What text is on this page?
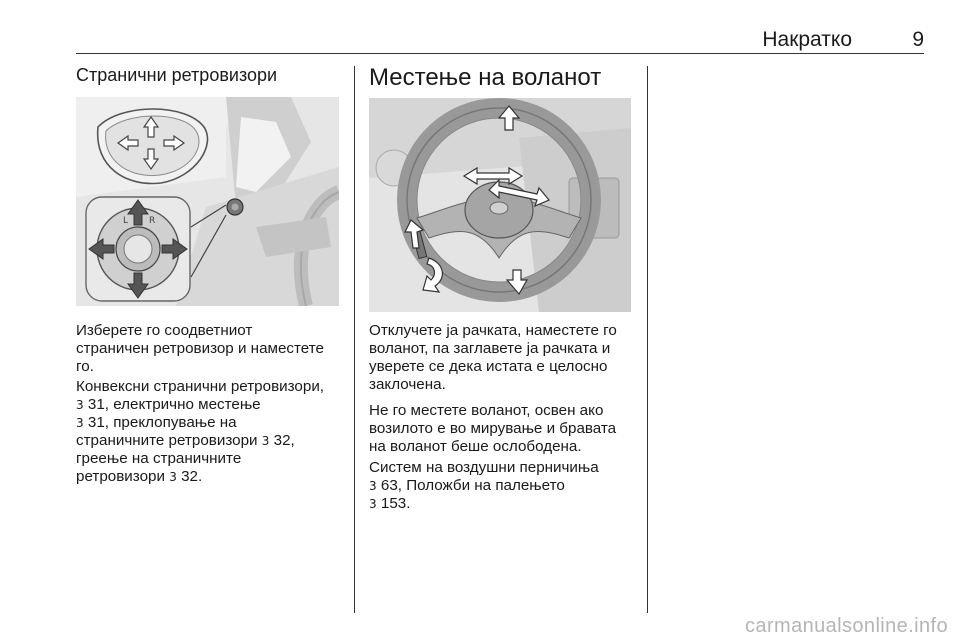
Накратко	9
Странични ретровизори
L R

Изберете го соодветниот
страничен ретровизор и наместете
го.

Конвексни странични ретровизори,
3 31, електрично местење
3 31, преклопување на
страничните ретровизори 3 32,
греење на страничните
ретровизори 3 32.

Местење на воланот

Отклучете ја рачката, наместете го
воланот, па заглавете ја рачката и
уверете се дека истата е целосно
заклочена.

Не го местете воланот, освен ако
возилото е во мирување и бравата
на воланот беше ослободена.

Систем на воздушни перничиња
3 63, Положби на палењето
3 153.

carmanualsonline.info
